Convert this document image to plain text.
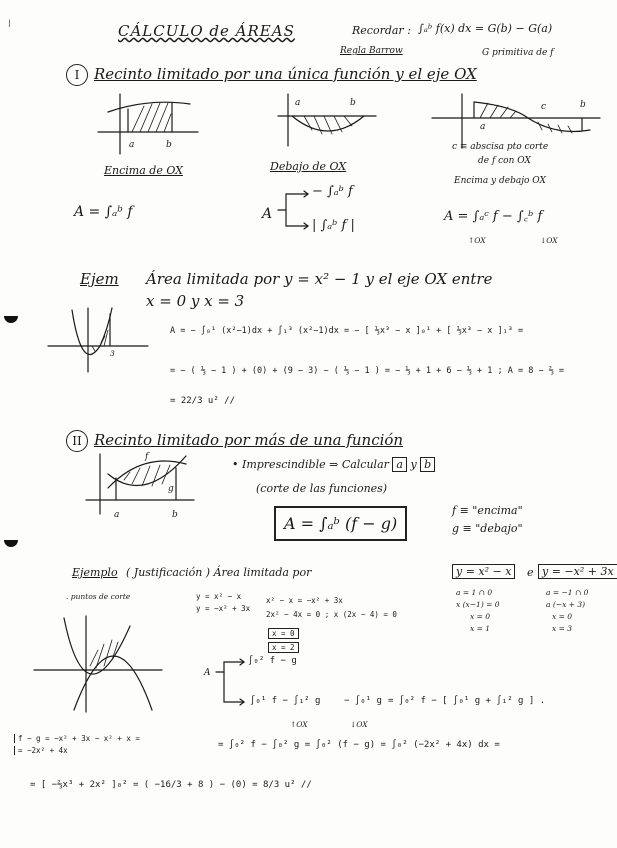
|	CÁLCULO de ÁREAS	Recordar : ∫ₐᵇ f(x) dx = G(b) − G(a)
Regla Barrow	G primitiva de f
I Recinto limitado por una única función y el eje OX
a	b
a	b
a
c	b
Encima de OX	Debajo de OX
c ≡ abscisa pto corte
de f con OX
Encima y debajo OX
A = ∫ₐᵇ f	A
− ∫ₐᵇ f
| ∫ₐᵇ f |
A = ∫ₐᶜ f − ∫꜀ᵇ f
↑OX	↓OX
Ejem Área limitada por y = x² − 1 y el eje OX entre
x = 0 y x = 3
3
A = − ∫₀¹ (x²−1)dx + ∫₁³ (x²−1)dx = − [ ⅓x³ − x ]₀¹ + [ ⅓x³ − x ]₁³ =
= − ( ⅓ − 1 ) + (0) + (9 − 3) − ( ⅓ − 1 ) = − ⅓ + 1 + 6 − ⅓ + 1 ; A = 8 − ⅔ =
= 22/3 u² //
II Recinto limitado por más de una función
f
g
a	b
• Imprescindible ⇒ Calcular a y b
(corte de las funciones)
A = ∫ₐᵇ (f − g)
f ≡ "encima"
g ≡ "debajo"
Ejemplo ( Justificación ) Área limitada por	y = x² − x	e y = −x² + 3x
a = 1 ∩ 0
x (x−1) = 0
x = 0
x = 1
a = −1 ∩ 0
a (−x + 3)
x = 0
x = 3
. puntos de corte	y = x² − x
y = −x² + 3x
x² − x = −x² + 3x
2x² − 4x = 0 ; x (2x − 4) = 0
x = 0
x = 2
A
∫₀² f − g
∫₀¹ f − ∫₁² g
↑OX
− ∫₀¹ g
↓OX
= ∫₀² f − [ ∫₀¹ g + ∫₁² g ] .
f − g = −x² + 3x − x² + x =
= −2x² + 4x
= ∫₀² f − ∫₀² g = ∫₀² (f − g) = ∫₀² (−2x² + 4x) dx =
= [ −⅔x³ + 2x² ]₀² = ( −16/3 + 8 ) − (0) = 8/3 u² //
